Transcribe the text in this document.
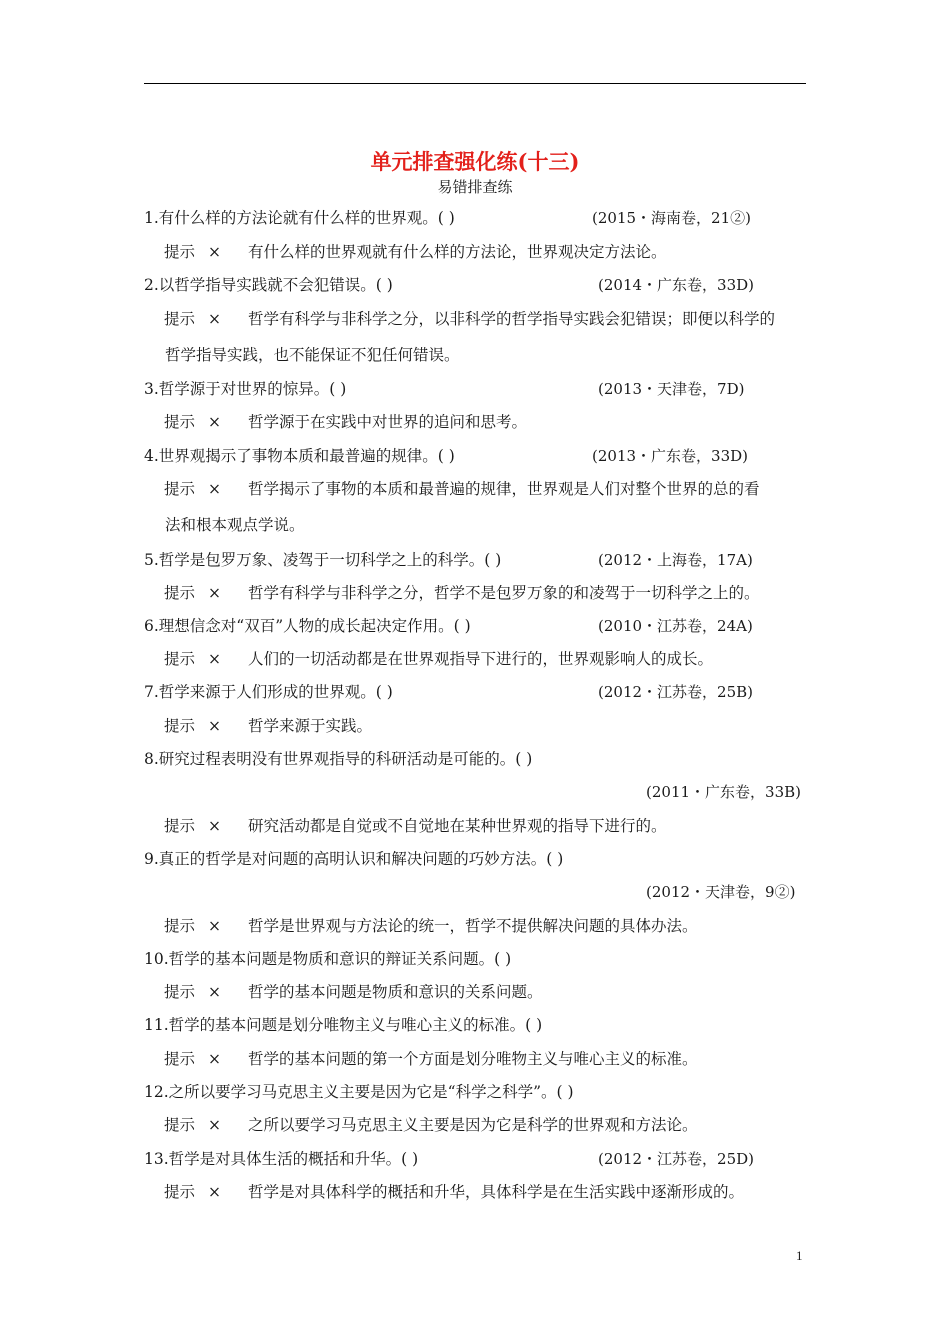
单元排查强化练(十三)
易错排查练
1.有什么样的方法论就有什么样的世界观。( )	(2015・海南卷，21②)
提示 × 有什么样的世界观就有什么样的方法论，世界观决定方法论。
2.以哲学指导实践就不会犯错误。( )	(2014・广东卷，33D)
提示 × 哲学有科学与非科学之分，以非科学的哲学指导实践会犯错误；即便以科学的
哲学指导实践，也不能保证不犯任何错误。
3.哲学源于对世界的惊异。( )	(2013・天津卷，7D)
提示 × 哲学源于在实践中对世界的追问和思考。
4.世界观揭示了事物本质和最普遍的规律。( )	(2013・广东卷，33D)
提示 × 哲学揭示了事物的本质和最普遍的规律，世界观是人们对整个世界的总的看
法和根本观点学说。
5.哲学是包罗万象、凌驾于一切科学之上的科学。( )	(2012・上海卷，17A)
提示 × 哲学有科学与非科学之分，哲学不是包罗万象的和凌驾于一切科学之上的。
6.理想信念对“双百”人物的成长起决定作用。( )	(2010・江苏卷，24A)
提示 × 人们的一切活动都是在世界观指导下进行的，世界观影响人的成长。
7.哲学来源于人们形成的世界观。( )	(2012・江苏卷，25B)
提示 × 哲学来源于实践。
8.研究过程表明没有世界观指导的科研活动是可能的。( )
(2011・广东卷，33B)
提示 × 研究活动都是自觉或不自觉地在某种世界观的指导下进行的。
9.真正的哲学是对问题的高明认识和解决问题的巧妙方法。( )
(2012・天津卷，9②)
提示 × 哲学是世界观与方法论的统一，哲学不提供解决问题的具体办法。
10.哲学的基本问题是物质和意识的辩证关系问题。( )
提示 × 哲学的基本问题是物质和意识的关系问题。
11.哲学的基本问题是划分唯物主义与唯心主义的标准。( )
提示 × 哲学的基本问题的第一个方面是划分唯物主义与唯心主义的标准。
12.之所以要学习马克思主义主要是因为它是“科学之科学”。( )
提示 × 之所以要学习马克思主义主要是因为它是科学的世界观和方法论。
13.哲学是对具体生活的概括和升华。( )	(2012・江苏卷，25D)
提示 × 哲学是对具体科学的概括和升华，具体科学是在生活实践中逐渐形成的。
1
